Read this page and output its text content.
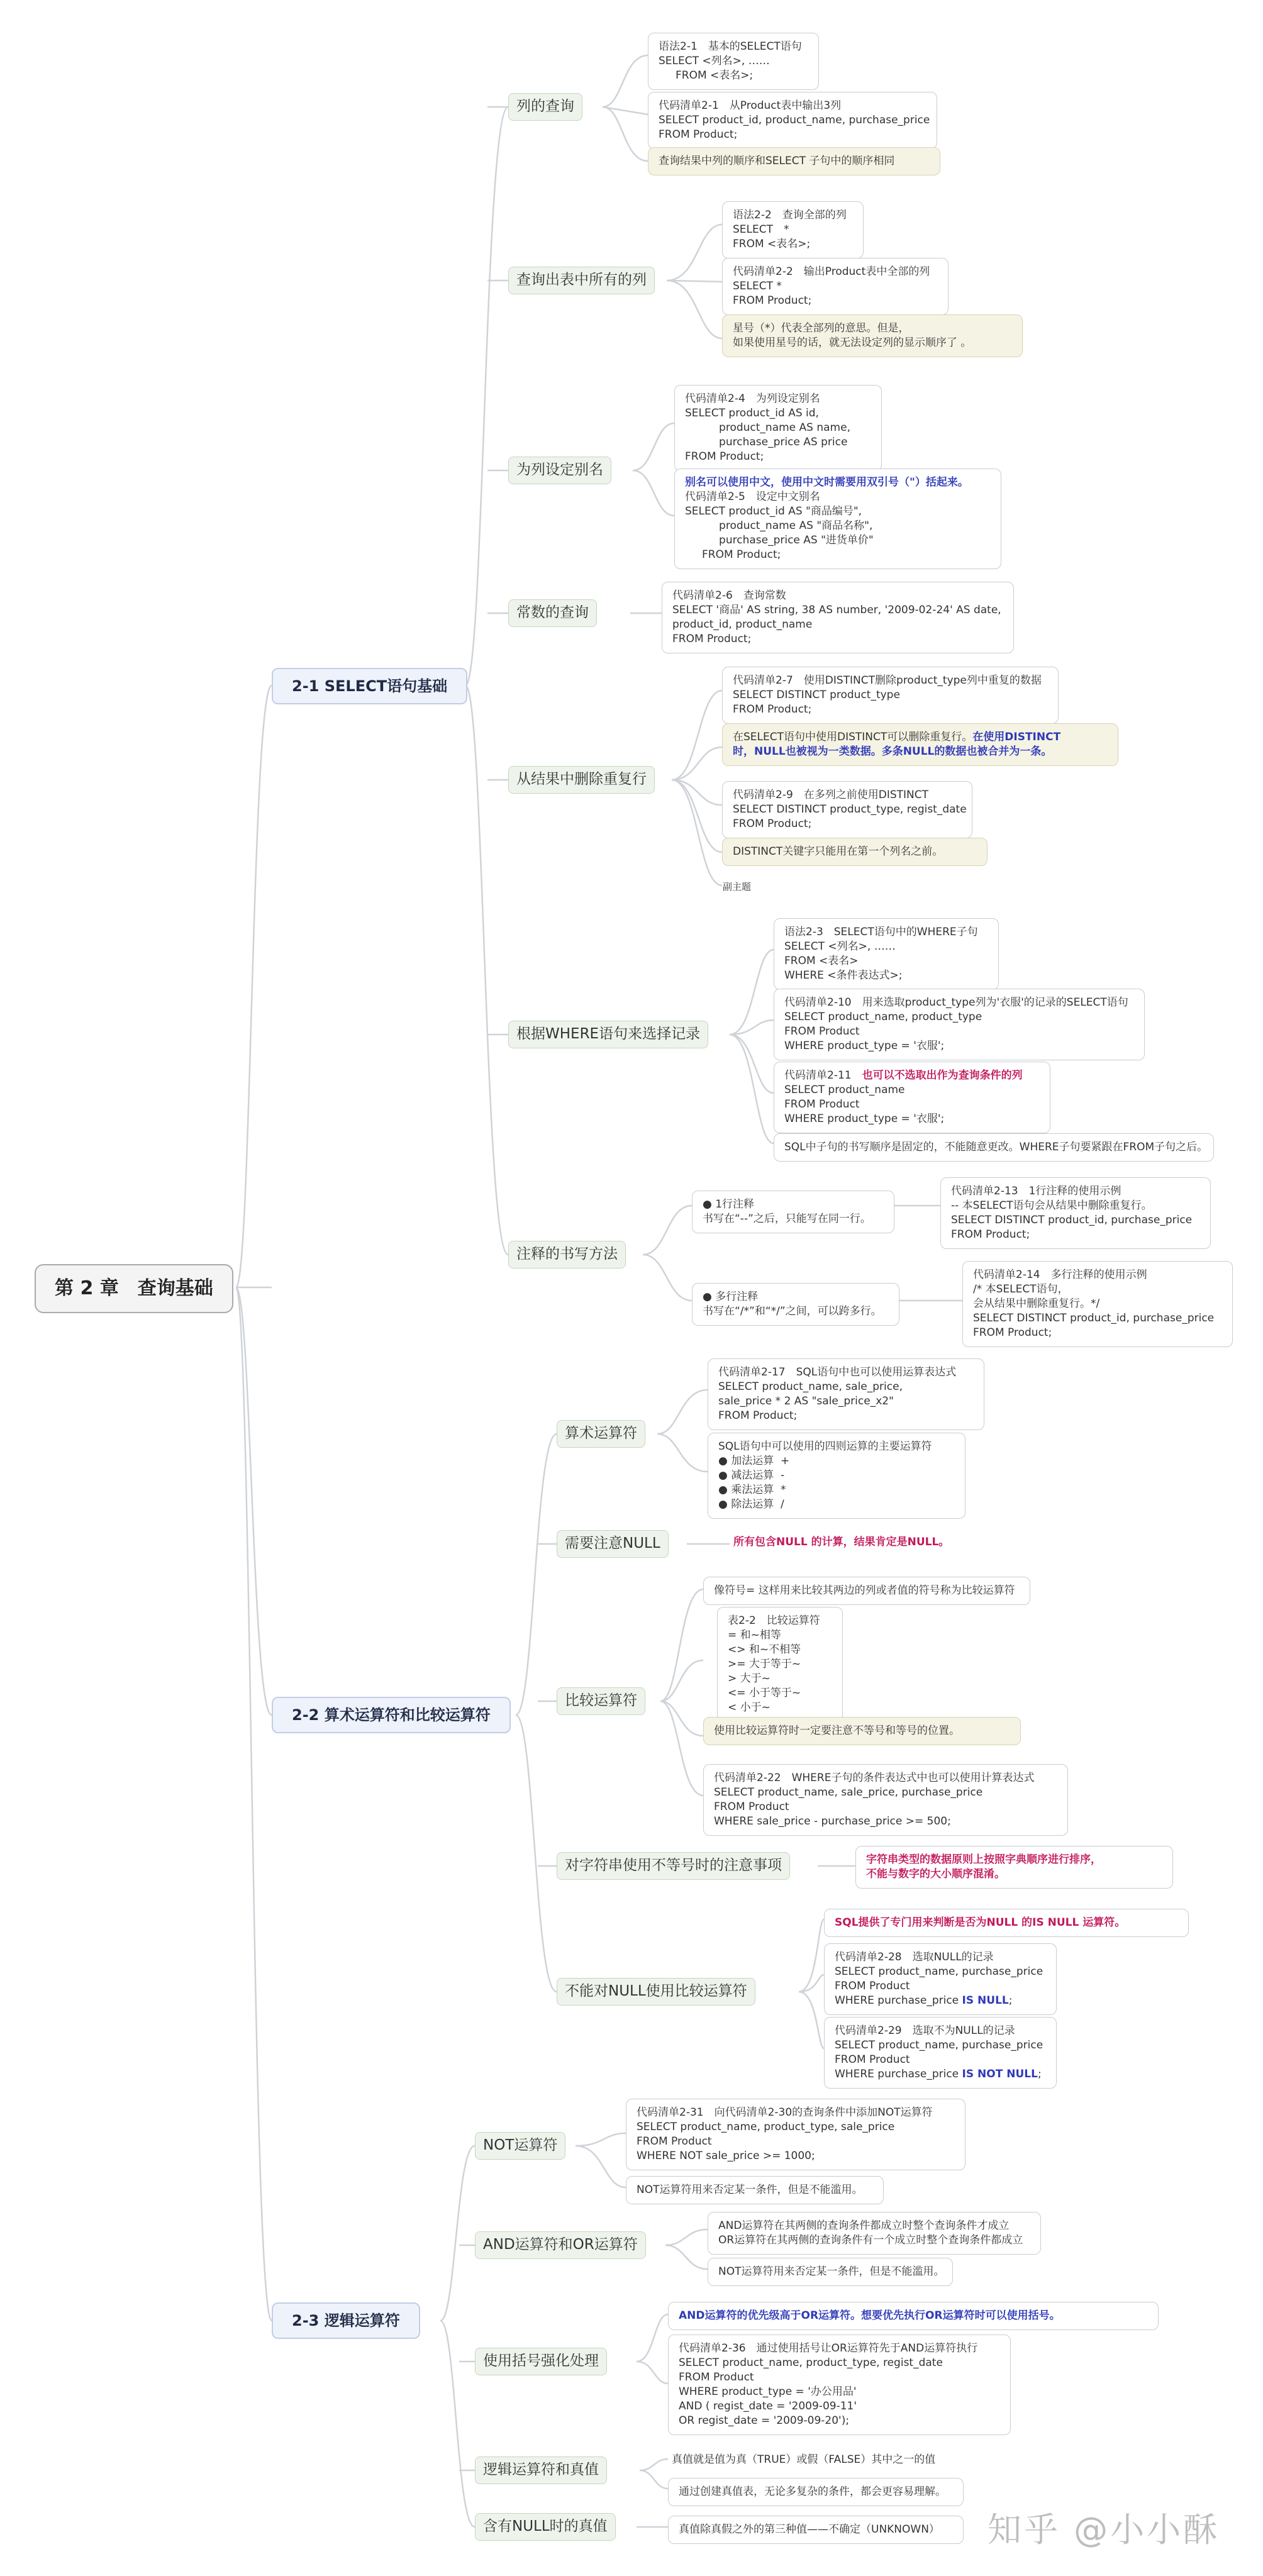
第 2 章　查询基础
2-1 SELECT语句基础
列的查询
语法2-1　基本的SELECT语句
SELECT <列名>, ……
FROM <表名>;
代码清单2-1　从Product表中输出3列
SELECT product_id, product_name, purchase_price
FROM Product;
查询结果中列的顺序和SELECT 子句中的顺序相同
查询出表中所有的列
语法2-2　查询全部的列
SELECT　*
FROM <表名>;
代码清单2-2　输出Product表中全部的列
SELECT *
FROM Product;
星号（*）代表全部列的意思。但是，
如果使用星号的话，就无法设定列的显示顺序了 。
为列设定别名
代码清单2-4　为列设定别名
SELECT product_id AS id,
product_name AS name,
purchase_price AS price
FROM Product;
别名可以使用中文，使用中文时需要用双引号（"）括起来。
代码清单2-5　设定中文别名
SELECT product_id AS "商品编号",
product_name AS "商品名称",
purchase_price AS "进货单价"
FROM Product;
常数的查询
代码清单2-6　查询常数
SELECT '商品' AS string, 38 AS number, '2009-02-24' AS date,
product_id, product_name
FROM Product;
从结果中删除重复行
代码清单2-7　使用DISTINCT删除product_type列中重复的数据
SELECT DISTINCT product_type
FROM Product;
在SELECT语句中使用DISTINCT可以删除重复行。在使用DISTINCT
时，NULL也被视为一类数据。多条NULL的数据也被合并为一条。
代码清单2-9　在多列之前使用DISTINCT
SELECT DISTINCT product_type, regist_date
FROM Product;
DISTINCT关键字只能用在第一个列名之前。
副主题
根据WHERE语句来选择记录
语法2-3　SELECT语句中的WHERE子句
SELECT <列名>, ……
FROM <表名>
WHERE <条件表达式>;
代码清单2-10　用来选取product_type列为'衣服'的记录的SELECT语句
SELECT product_name, product_type
FROM Product
WHERE product_type = '衣服';
代码清单2-11　也可以不选取出作为查询条件的列
SELECT product_name
FROM Product
WHERE product_type = '衣服';
SQL中子句的书写顺序是固定的，不能随意更改。WHERE子句要紧跟在FROM子句之后。
注释的书写方法
● 1行注释
书写在“--”之后，只能写在同一行。
代码清单2-13　1行注释的使用示例
-- 本SELECT语句会从结果中删除重复行。
SELECT DISTINCT product_id, purchase_price
FROM Product;
● 多行注释
书写在“/*”和“*/”之间，可以跨多行。
代码清单2-14　多行注释的使用示例
/* 本SELECT语句，
会从结果中删除重复行。*/
SELECT DISTINCT product_id, purchase_price
FROM Product;
2-2 算术运算符和比较运算符
算术运算符
代码清单2-17　SQL语句中也可以使用运算表达式
SELECT product_name, sale_price,
sale_price * 2 AS "sale_price_x2"
FROM Product;
SQL语句中可以使用的四则运算的主要运算符
● 加法运算  +
● 减法运算  -
● 乘法运算  *
● 除法运算  /
需要注意NULL	所有包含NULL 的计算，结果肯定是NULL。
比较运算符
像符号= 这样用来比较其两边的列或者值的符号称为比较运算符
表2-2　比较运算符
= 和~相等
<> 和~不相等
>= 大于等于~
> 大于~
<= 小于等于~
< 小于~
使用比较运算符时一定要注意不等号和等号的位置。
代码清单2-22　WHERE子句的条件表达式中也可以使用计算表达式
SELECT product_name, sale_price, purchase_price
FROM Product
WHERE sale_price - purchase_price >= 500;
对字符串使用不等号时的注意事项	字符串类型的数据原则上按照字典顺序进行排序，
不能与数字的大小顺序混淆。
不能对NULL使用比较运算符
SQL提供了专门用来判断是否为NULL 的IS NULL 运算符。
代码清单2-28　选取NULL的记录
SELECT product_name, purchase_price
FROM Product
WHERE purchase_price IS NULL;
代码清单2-29　选取不为NULL的记录
SELECT product_name, purchase_price
FROM Product
WHERE purchase_price IS NOT NULL;
2-3 逻辑运算符
NOT运算符
代码清单2-31　向代码清单2-30的查询条件中添加NOT运算符
SELECT product_name, product_type, sale_price
FROM Product
WHERE NOT sale_price >= 1000;
NOT运算符用来否定某一条件，但是不能滥用。
AND运算符和OR运算符
AND运算符在其两侧的查询条件都成立时整个查询条件才成立
OR运算符在其两侧的查询条件有一个成立时整个查询条件都成立
NOT运算符用来否定某一条件，但是不能滥用。
使用括号强化处理
AND运算符的优先级高于OR运算符。想要优先执行OR运算符时可以使用括号。
代码清单2-36　通过使用括号让OR运算符先于AND运算符执行
SELECT product_name, product_type, regist_date
FROM Product
WHERE product_type = '办公用品'
AND ( regist_date = '2009-09-11'
OR regist_date = '2009-09-20');
逻辑运算符和真值
真值就是值为真（TRUE）或假（FALSE）其中之一的值
通过创建真值表，无论多复杂的条件，都会更容易理解。
含有NULL时的真值	真值除真假之外的第三种值——不确定（UNKNOWN）	知乎 @小小酥
